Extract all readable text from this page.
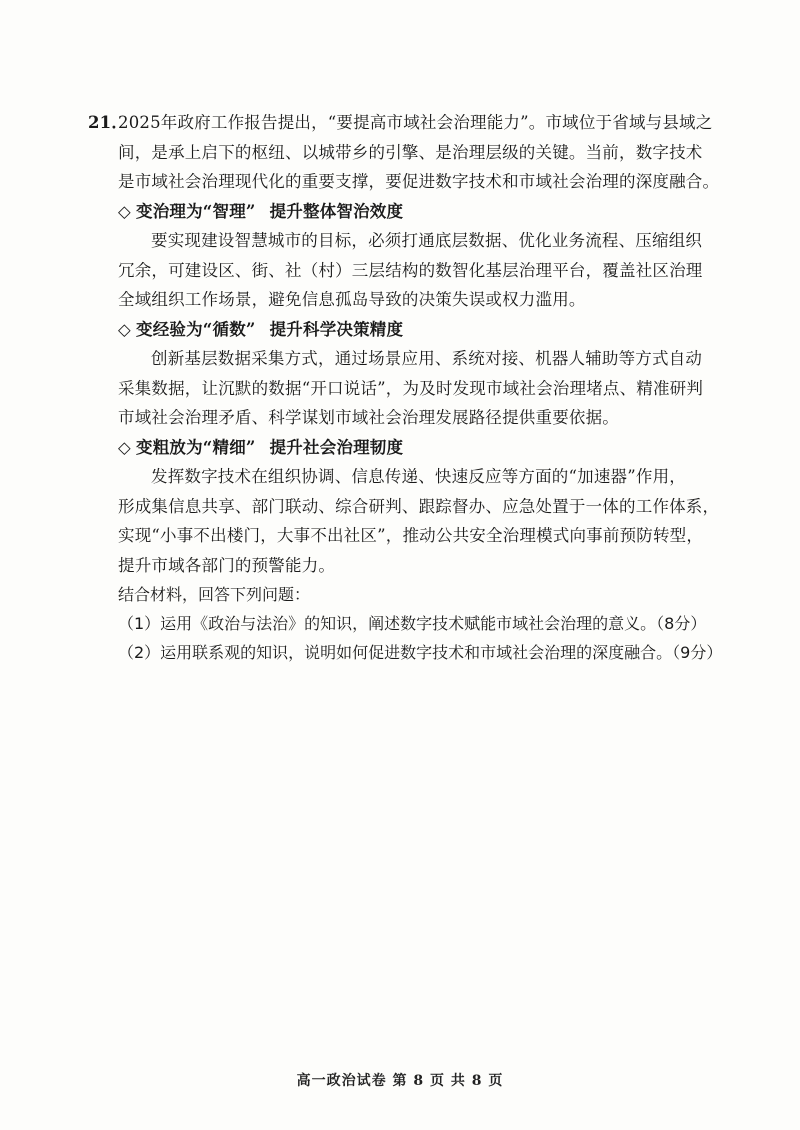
21．2025年政府工作报告提出，“要提高市域社会治理能力”。市域位于省域与县域之
间，是承上启下的枢纽、以城带乡的引擎、是治理层级的关键。当前，数字技术
是市域社会治理现代化的重要支撑，要促进数字技术和市域社会治理的深度融合。
◇ 变治理为“智理” 提升整体智治效度
要实现建设智慧城市的目标，必须打通底层数据、优化业务流程、压缩组织
冗余，可建设区、街、社（村）三层结构的数智化基层治理平台，覆盖社区治理
全域组织工作场景，避免信息孤岛导致的决策失误或权力滥用。
◇ 变经验为“循数” 提升科学决策精度
创新基层数据采集方式，通过场景应用、系统对接、机器人辅助等方式自动
采集数据，让沉默的数据“开口说话”，为及时发现市域社会治理堵点、精准研判
市域社会治理矛盾、科学谋划市域社会治理发展路径提供重要依据。
◇ 变粗放为“精细” 提升社会治理韧度
发挥数字技术在组织协调、信息传递、快速反应等方面的“加速器”作用，
形成集信息共享、部门联动、综合研判、跟踪督办、应急处置于一体的工作体系，
实现“小事不出楼门，大事不出社区”，推动公共安全治理模式向事前预防转型，
提升市域各部门的预警能力。
结合材料，回答下列问题：
（1）运用《政治与法治》的知识，阐述数字技术赋能市域社会治理的意义。（8分）
（2）运用联系观的知识，说明如何促进数字技术和市域社会治理的深度融合。（9分）
高一政治试卷 第 8 页 共 8 页
